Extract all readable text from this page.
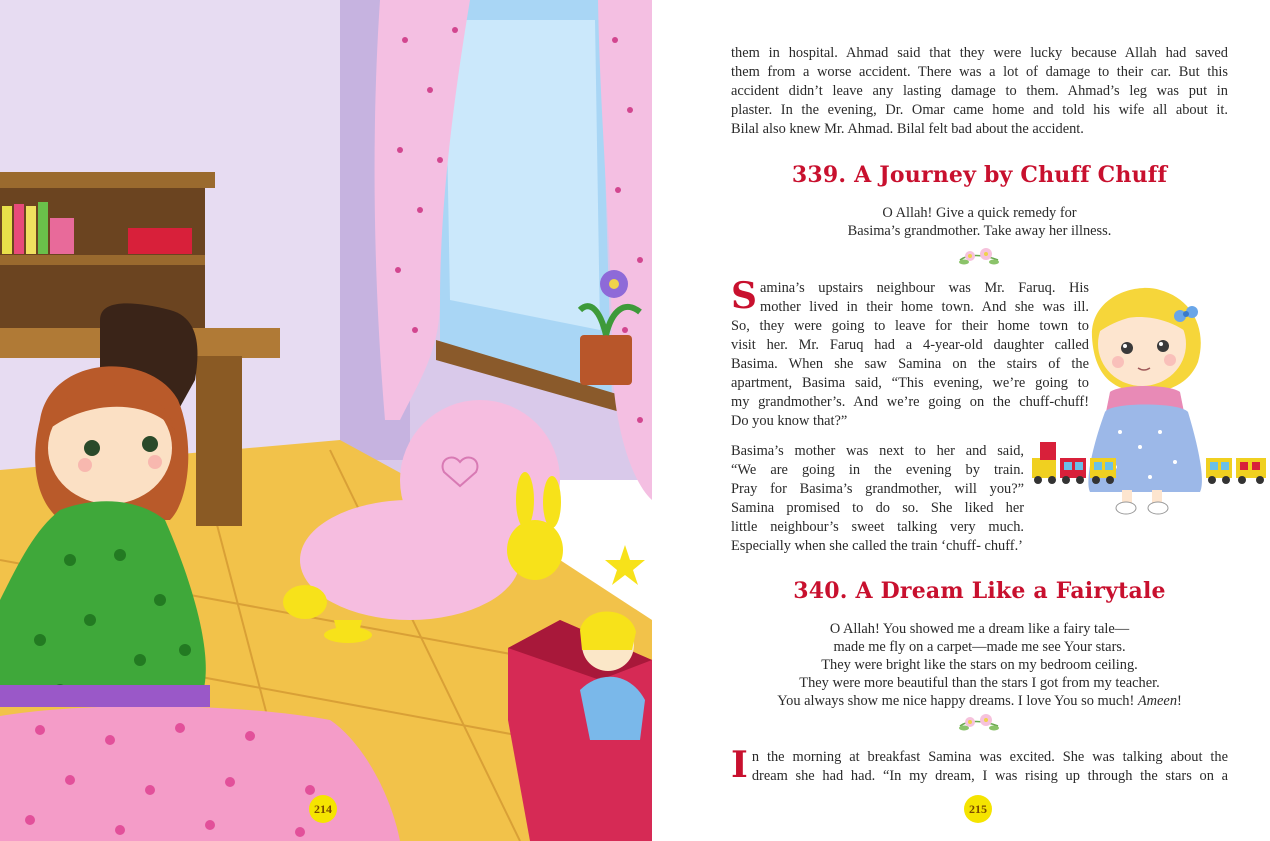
214
them in hospital. Ahmad said that they were lucky because Allah had saved
them from a worse accident. There was a lot of damage to their car. But this
accident didn’t leave any lasting damage to them. Ahmad’s leg was put in
plaster. In the evening, Dr. Omar came home and told his wife all about it.
Bilal also knew Mr. Ahmad. Bilal felt bad about the accident.
339. A Journey by Chuff Chuff
O Allah! Give a quick remedy for
Basima’s grandmother. Take away her illness.
S amina’s upstairs neighbour was Mr. Faruq. His
mother lived in their home town. And she was ill.
So, they were going to leave for their home town to
visit her. Mr. Faruq had a 4-year-old daughter called
Basima. When she saw Samina on the stairs of the
apartment, Basima said, “This evening, we’re going to
my grandmother’s. And we’re going on the chuff-chuff!
Do you know that?”
Basima’s mother was next to her and said,
“We are going in the evening by train.
Pray for Basima’s grandmother, will you?”
Samina promised to do so. She liked her
little neighbour’s sweet talking very much.
Especially when she called the train ‘chuff- chuff.’
340. A Dream Like a Fairytale
O Allah! You showed me a dream like a fairy tale—
made me fly on a carpet—made me see Your stars.
They were bright like the stars on my bedroom ceiling.
They were more beautiful than the stars I got from my teacher.
You always show me nice happy dreams. I love You so much! Ameen!
I n the morning at breakfast Samina was excited. She was talking about the
dream she had had. “In my dream, I was rising up through the stars on a
215
